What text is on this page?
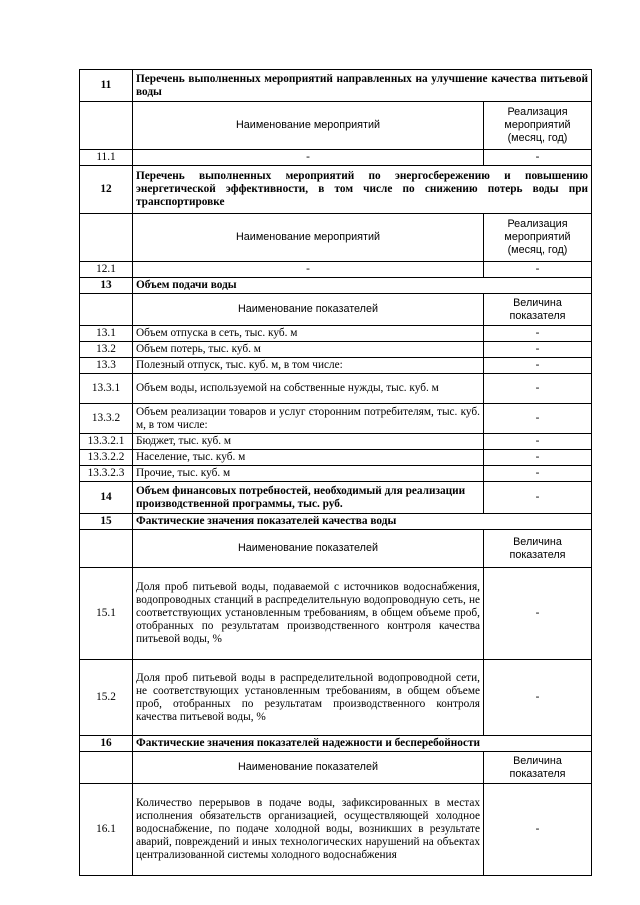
11	Перечень выполненных мероприятий направленных на улучшение качества питьевой воды	
	Наименование мероприятий	Реализация мероприятий (месяц, год)
11.1	-	-
12	Перечень выполненных мероприятий по энергосбережению и повышению энергетической эффективности, в том числе по снижению потерь воды при транспортировке	
	Наименование мероприятий	Реализация мероприятий (месяц, год)
12.1	-	-
13	Объем подачи воды	
	Наименование показателей	Величина показателя
13.1	Объем отпуска в сеть, тыс. куб. м	-
13.2	Объем потерь, тыс. куб. м	-
13.3	Полезный отпуск, тыс. куб. м, в том числе:	-
13.3.1	Объем воды, используемой на собственные нужды, тыс. куб. м	-
13.3.2	Объем реализации товаров и услуг сторонним потребителям, тыс. куб. м, в том числе:	-
13.3.2.1	Бюджет, тыс. куб. м	-
13.3.2.2	Население, тыс. куб. м	-
13.3.2.3	Прочие, тыс. куб. м	-
14	Объем финансовых потребностей, необходимый для реализации производственной программы, тыс. руб.	-
15	Фактические значения показателей качества воды	
	Наименование показателей	Величина показателя
15.1	Доля проб питьевой воды, подаваемой с источников водоснабжения, водопроводных станций в распределительную водопроводную сеть, не соответствующих установленным требованиям, в общем объеме проб, отобранных по результатам производственного контроля качества питьевой воды, %	-
15.2	Доля проб питьевой воды в распределительной водопроводной сети, не соответствующих установленным требованиям, в общем объеме проб, отобранных по результатам производственного контроля качества питьевой воды, %	-
16	Фактические значения показателей надежности и бесперебойности	
	Наименование показателей	Величина показателя
16.1	Количество перерывов в подаче воды, зафиксированных в местах исполнения обязательств организацией, осуществляющей холодное водоснабжение, по подаче холодной воды, возникших в результате аварий, повреждений и иных технологических нарушений на объектах централизованной системы холодного водоснабжения	-
